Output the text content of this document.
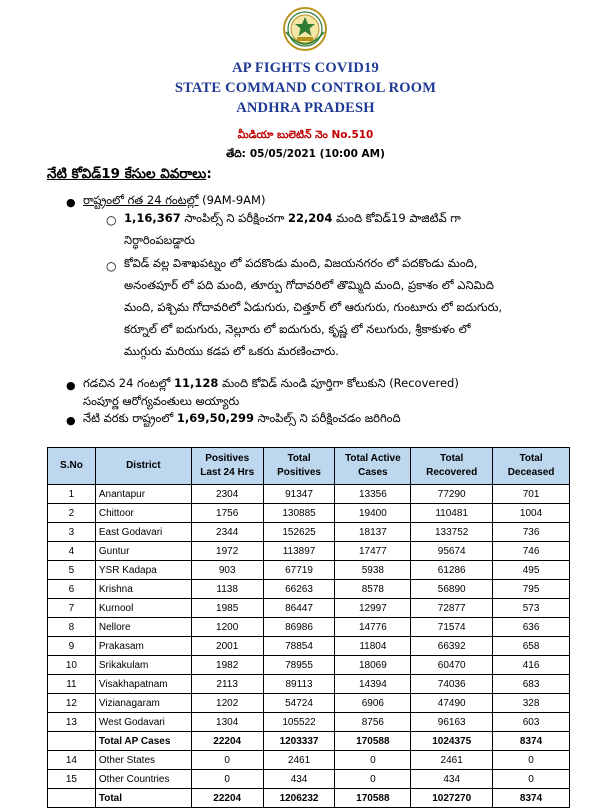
AP FIGHTS COVID19
STATE COMMAND CONTROL ROOM
ANDHRA PRADESH
మీడియా బులెటిన్ నెం No.510
తేది: 05/05/2021 (10:00 AM)
నేటి కోవిడ్19 కేసుల వివరాలు:
● రాష్ట్రంలో గత 24 గంటల్లో (9AM-9AM)
○ 1,16,367 సాంపిల్స్ ని పరీక్షించగా 22,204 మంది కోవిడ్19 పాజిటివ్ గా
నిర్ధారింపబడ్డారు
○ కోవిడ్ వల్ల విశాఖపట్నం లో పదకొండు మంది, విజయనగరం లో పదకొండు మంది,
అనంతపూర్ లో పది మంది, తూర్పు గోదావరిలో తొమ్మిది మంది, ప్రకాశం లో ఎనిమిది
మంది, పశ్చిమ గోదావరిలో ఏడుగురు, చిత్తూర్ లో ఆరుగురు, గుంటూరు లో ఐదుగురు,
కర్నూల్ లో ఐదుగురు, నెల్లూరు లో ఐదుగురు, కృష్ణ లో నలుగురు, శ్రీకాకుళం లో
ముగ్గురు మరియు కడప లో ఒకరు మరణించారు.
● గడచిన 24 గంటల్లో 11,128 మంది కోవిడ్ నుండి పూర్తిగా కోలుకుని (Recovered)
సంపూర్ణ ఆరోగ్యవంతులు అయ్యారు
● నేటి వరకు రాష్ట్రంలో 1,69,50,299 సాంపిల్స్ ని పరీక్షించడం జరిగింది
S.No	District	Positives Last 24 Hrs	Total Positives	Total Active Cases	Total Recovered	Total Deceased
1	Anantapur	2304	91347	13356	77290	701
2	Chittoor	1756	130885	19400	110481	1004
3	East Godavari	2344	152625	18137	133752	736
4	Guntur	1972	113897	17477	95674	746
5	YSR Kadapa	903	67719	5938	61286	495
6	Krishna	1138	66263	8578	56890	795
7	Kurnool	1985	86447	12997	72877	573
8	Nellore	1200	86986	14776	71574	636
9	Prakasam	2001	78854	11804	66392	658
10	Srikakulam	1982	78955	18069	60470	416
11	Visakhapatnam	2113	89113	14394	74036	683
12	Vizianagaram	1202	54724	6906	47490	328
13	West Godavari	1304	105522	8756	96163	603
	Total AP Cases	22204	1203337	170588	1024375	8374
14	Other States	0	2461	0	2461	0
15	Other Countries	0	434	0	434	0
	Total	22204	1206232	170588	1027270	8374
